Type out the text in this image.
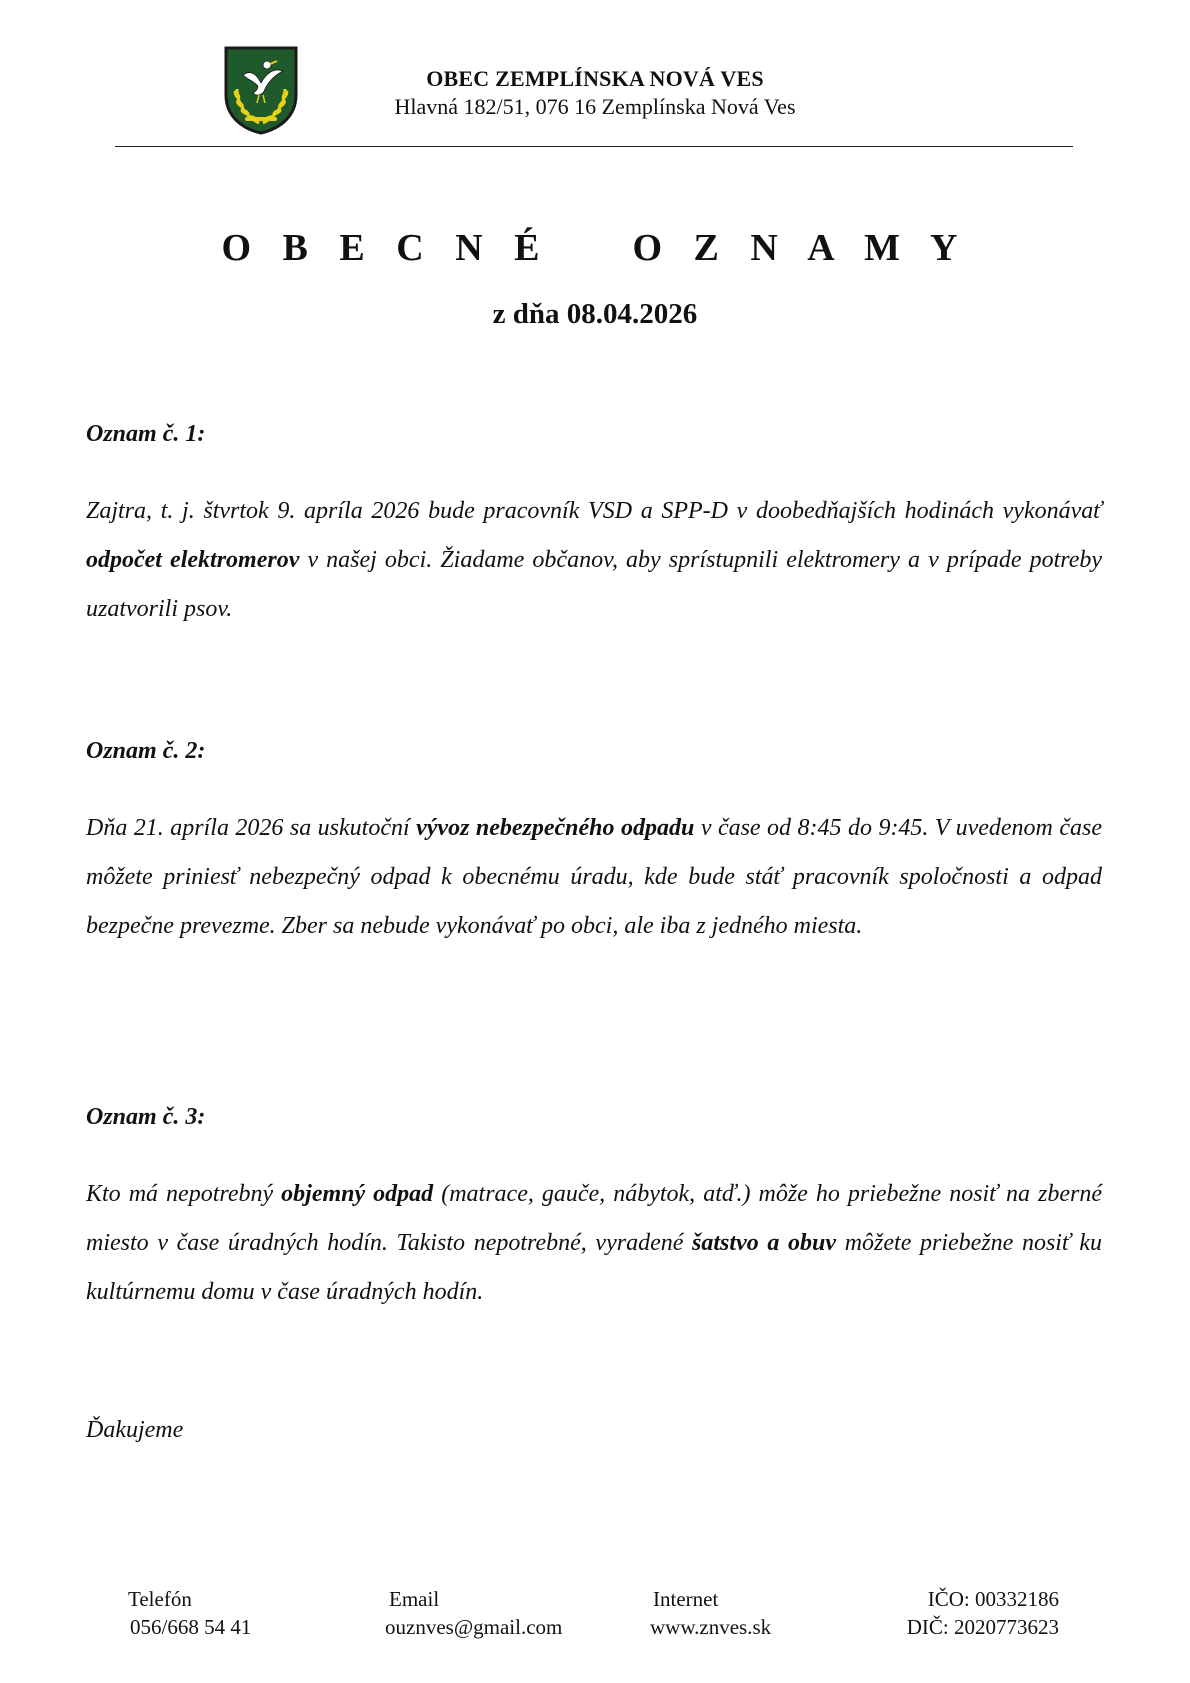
OBEC ZEMPLÍNSKA NOVÁ VES
Hlavná 182/51, 076 16 Zemplínska Nová Ves
O B E C N É    O Z N A M Y
z dňa 08.04.2026
Oznam č. 1:

Zajtra, t. j. štvrtok 9. apríla 2026 bude pracovník VSD a SPP-D v doobedňajších hodinách vykonávať odpočet elektromerov v našej obci. Žiadame občanov, aby sprístupnili elektromery a v prípade potreby uzatvorili psov.

Oznam č. 2:

Dňa 21. apríla 2026 sa uskutoční vývoz nebezpečného odpadu v čase od 8:45 do 9:45. V uvedenom čase môžete priniesť nebezpečný odpad k obecnému úradu, kde bude stáť pracovník spoločnosti a odpad bezpečne prevezme. Zber sa nebude vykonávať po obci, ale iba z jedného miesta.

Oznam č. 3:

Kto má nepotrebný objemný odpad (matrace, gauče, nábytok, atď.) môže ho priebežne nosiť na zberné miesto v čase úradných hodín. Takisto nepotrebné, vyradené šatstvo a obuv môžete priebežne nosiť ku kultúrnemu domu v čase úradných hodín.

Ďakujeme
Telefón
056/668 54 41
Email
ouznves@gmail.com
Internet
www.znves.sk
IČO: 00332186
DIČ: 2020773623
